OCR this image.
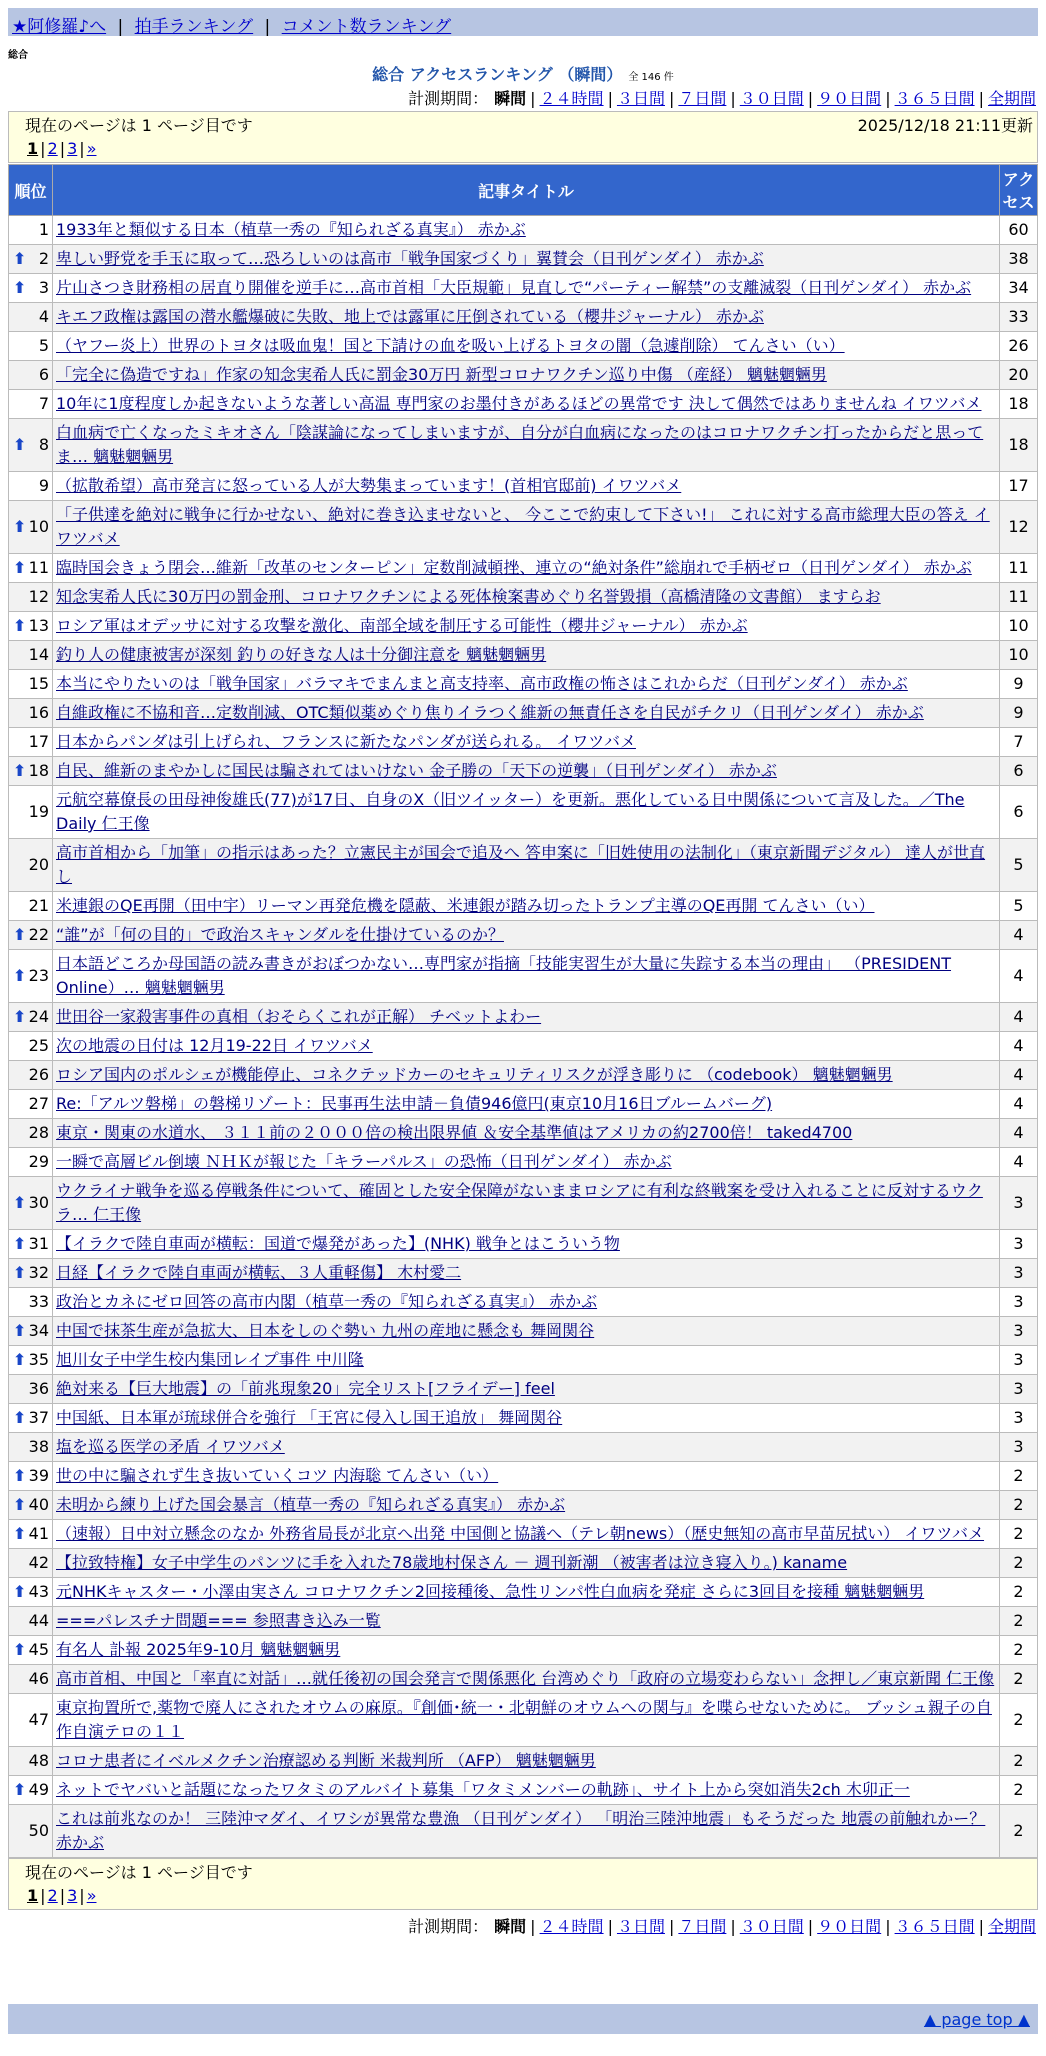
★阿修羅♪へ | 拍手ランキング | コメント数ランキング
総合
総合 アクセスランキング （瞬間） 全 146 件
計測期間： 瞬間 | ２４時間 | ３日間 | ７日間 | ３０日間 | ９０日間 | ３６５日間 | 全期間
現在のページは 1 ページ目です	2025/12/18 21:11更新
1 | 2 | 3 | »
順位	記事タイトル	アクセス
1	1933年と類似する日本（植草一秀の『知られざる真実』） 赤かぶ	60

⬆ 2	卑しい野党を手玉に取って…恐ろしいのは高市「戦争国家づくり」翼賛会（日刊ゲンダイ） 赤かぶ	38

⬆ 3	片山さつき財務相の居直り開催を逆手に…高市首相「大臣規範」見直しで“パーティー解禁”の支離滅裂（日刊ゲンダイ） 赤かぶ	34
4	キエフ政権は露国の潜水艦爆破に失敗、地上では露軍に圧倒されている（櫻井ジャーナル） 赤かぶ	33
5	（ヤフー炎上）世界のトヨタは吸血鬼！国と下請けの血を吸い上げるトヨタの闇（急遽削除） てんさい（い）	26
6	「完全に偽造ですね」作家の知念実希人氏に罰金30万円 新型コロナワクチン巡り中傷 （産経） 魑魅魍魎男	20
7	10年に1度程度しか起きないような著しい高温 専門家のお墨付きがあるほどの異常です 決して偶然ではありませんね イワツバメ	18

⬆ 8	白血病で亡くなったミキオさん「陰謀論になってしまいますが、自分が白血病になったのはコロナワクチン打ったからだと思ってま… 魑魅魍魎男	18
9	（拡散希望）高市発言に怒っている人が大勢集まっています！(首相官邸前) イワツバメ	17

⬆ 10	「子供達を絶対に戦争に行かせない、絶対に巻き込ませないと、 今ここで約束して下さい!」 これに対する高市総理大臣の答え イワツバメ	12

⬆ 11	臨時国会きょう閉会…維新「改革のセンターピン」定数削減頓挫、連立の“絶対条件”総崩れで手柄ゼロ（日刊ゲンダイ） 赤かぶ	11
12	知念実希人氏に30万円の罰金刑、コロナワクチンによる死体検案書めぐり名誉毀損（高橋清隆の文書館） ますらお	11

⬆ 13	ロシア軍はオデッサに対する攻撃を激化、南部全域を制圧する可能性（櫻井ジャーナル） 赤かぶ	10
14	釣り人の健康被害が深刻 釣りの好きな人は十分御注意を 魑魅魍魎男	10
15	本当にやりたいのは「戦争国家」バラマキでまんまと高支持率、高市政権の怖さはこれからだ（日刊ゲンダイ） 赤かぶ	9
16	自維政権に不協和音…定数削減、OTC類似薬めぐり焦りイラつく維新の無責任さを自民がチクリ（日刊ゲンダイ） 赤かぶ	9
17	日本からパンダは引上げられ、フランスに新たなパンダが送られる。 イワツバメ	7

⬆ 18	自民、維新のまやかしに国民は騙されてはいけない 金子勝の「天下の逆襲」（日刊ゲンダイ） 赤かぶ	6
19	元航空幕僚長の田母神俊雄氏(77)が17日、自身のX（旧ツイッター）を更新。悪化している日中関係について言及した。／The Daily 仁王像	6
20	高市首相から「加筆」の指示はあった？立憲民主が国会で追及へ 答申案に「旧姓使用の法制化」（東京新聞デジタル） 達人が世直し	5
21	米連銀のQE再開（田中宇）リーマン再発危機を隠蔽、米連銀が踏み切ったトランプ主導のQE再開 てんさい（い）	5

⬆ 22	“誰”が「何の目的」で政治スキャンダルを仕掛けているのか？	4

⬆ 23	日本語どころか母国語の読み書きがおぼつかない…専門家が指摘「技能実習生が大量に失踪する本当の理由」 （PRESIDENT Online）… 魑魅魍魎男	4

⬆ 24	世田谷一家殺害事件の真相（おそらくこれが正解） チベットよわー	4
25	次の地震の日付は 12月19-22日 イワツバメ	4
26	ロシア国内のポルシェが機能停止、コネクテッドカーのセキュリティリスクが浮き彫りに （codebook） 魑魅魍魎男	4
27	Re:「アルツ磐梯」の磐梯リゾート：民事再生法申請－負債946億円(東京10月16日ブルームバーグ)	4
28	東京・関東の水道水、 ３１１前の２０００倍の検出限界値 ＆安全基準値はアメリカの約2700倍！ taked4700	4
29	一瞬で高層ビル倒壊 ＮＨＫが報じた「キラーパルス」の恐怖（日刊ゲンダイ） 赤かぶ	4

⬆ 30	ウクライナ戦争を巡る停戦条件について、確固とした安全保障がないままロシアに有利な終戦案を受け入れることに反対するウクラ… 仁王像	3

⬆ 31	【イラクで陸自車両が横転：国道で爆発があった】(NHK) 戦争とはこういう物	3

⬆ 32	日経【イラクで陸自車両が横転、３人重軽傷】 木村愛二	3
33	政治とカネにゼロ回答の高市内閣（植草一秀の『知られざる真実』） 赤かぶ	3

⬆ 34	中国で抹茶生産が急拡大、日本をしのぐ勢い 九州の産地に懸念も 舞岡関谷	3

⬆ 35	旭川女子中学生校内集団レイプ事件 中川隆	3
36	絶対来る【巨大地震】の「前兆現象20」完全リスト[フライデー] feel	3

⬆ 37	中国紙、日本軍が琉球併合を強行 「王宮に侵入し国王追放」 舞岡関谷	3
38	塩を巡る医学の矛盾 イワツバメ	3

⬆ 39	世の中に騙されず生き抜いていくコツ 内海聡 てんさい（い）	2

⬆ 40	未明から練り上げた国会暴言（植草一秀の『知られざる真実』） 赤かぶ	2

⬆ 41	（速報）日中対立懸念のなか 外務省局長が北京へ出発 中国側と協議へ（テレ朝news）（歴史無知の高市早苗尻拭い） イワツバメ	2
42	【拉致特権】女子中学生のパンツに手を入れた78歳地村保さん － 週刊新潮 （被害者は泣き寝入り。) kaname	2

⬆ 43	元NHKキャスター・小澤由実さん コロナワクチン2回接種後、急性リンパ性白血病を発症 さらに3回目を接種 魑魅魍魎男	2
44	===パレスチナ問題=== 参照書き込み一覧	2

⬆ 45	有名人 訃報 2025年9-10月 魑魅魍魎男	2
46	高市首相、中国と「率直に対話」…就任後初の国会発言で関係悪化 台湾めぐり「政府の立場変わらない」念押し／東京新聞 仁王像	2
47	東京拘置所で,薬物で廃人にされたオウムの麻原。『創価･統一・北朝鮮のオウムへの関与』を喋らせないために。 ブッシュ親子の自作自演テロの１１	2
48	コロナ患者にイベルメクチン治療認める判断 米裁判所 （AFP） 魑魅魍魎男	2

⬆ 49	ネットでヤバいと話題になったワタミのアルバイト募集「ワタミメンバーの軌跡」、サイト上から突如消失2ch 木卯正一	2
50	これは前兆なのか！ 三陸沖マダイ、イワシが異常な豊漁 （日刊ゲンダイ） 「明治三陸沖地震」もそうだった 地震の前触れかー？ 赤かぶ	2
現在のページは 1 ページ目です
1 | 2 | 3 | »
計測期間： 瞬間 | ２４時間 | ３日間 | ７日間 | ３０日間 | ９０日間 | ３６５日間 | 全期間
▲ page top ▲
